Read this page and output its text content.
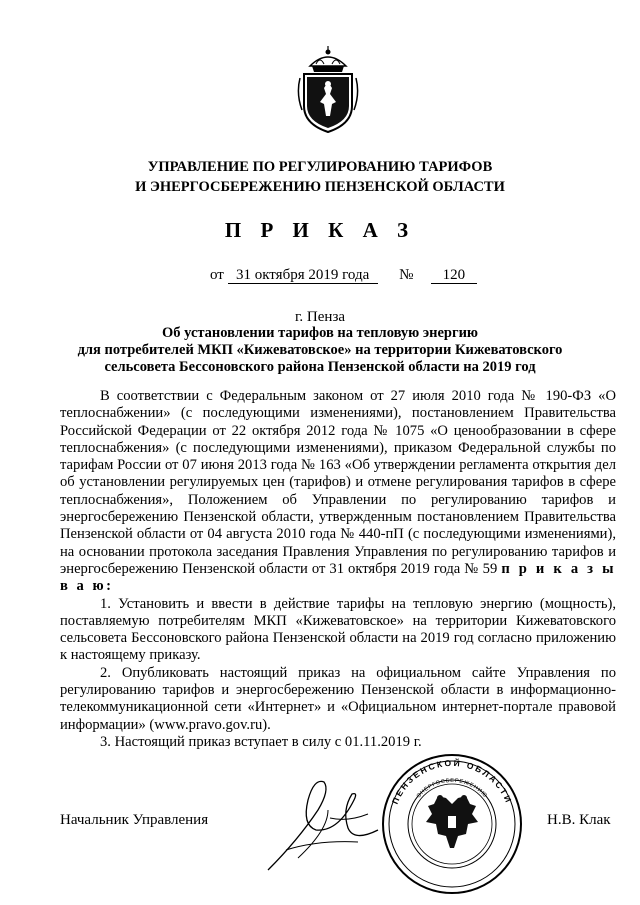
УПРАВЛЕНИЕ ПО РЕГУЛИРОВАНИЮ ТАРИФОВ
И ЭНЕРГОСБЕРЕЖЕНИЮ ПЕНЗЕНСКОЙ ОБЛАСТИ
П Р И К А З
от 31 октября 2019 года № 120
г. Пенза
Об установлении тарифов на тепловую энергию
для потребителей МКП «Кижеватовское» на территории Кижеватовского
сельсовета Бессоновского района Пензенской области на 2019 год

В соответствии с Федеральным законом от 27 июля 2010 года № 190-ФЗ «О теплоснабжении» (с последующими изменениями), постановлением Правительства Российской Федерации от 22 октября 2012 года № 1075 «О ценообразовании в сфере теплоснабжения» (с последующими изменениями), приказом Федеральной службы по тарифам России от 07 июня 2013 года № 163 «Об утверждении регламента открытия дел об установлении регулируемых цен (тарифов) и отмене регулирования тарифов в сфере теплоснабжения», Положением об Управлении по регулированию тарифов и энергосбережению Пензенской области, утвержденным постановлением Правительства Пензенской области от 04 августа 2010 года № 440-пП (с последующими изменениями), на основании протокола заседания Правления Управления по регулированию тарифов и энергосбережению Пензенской области от 31 октября 2019 года № 59 п р и к а з ы в а ю:

1. Установить и ввести в действие тарифы на тепловую энергию (мощность), поставляемую потребителям МКП «Кижеватовское» на территории Кижеватовского сельсовета Бессоновского района Пензенской области на 2019 год согласно приложению к настоящему приказу.

2. Опубликовать настоящий приказ на официальном сайте Управления по регулированию тарифов и энергосбережению Пензенской области в информационно-телекоммуникационной сети «Интернет» и «Официальном интернет-портале правовой информации» (www.pravo.gov.ru).

3. Настоящий приказ вступает в силу с 01.11.2019 г.

Начальник Управления
ПЕНЗЕНСКОЙ ОБЛАСТИ
ЭНЕРГОСБЕРЕЖЕНИЮ
Н.В. Клак
